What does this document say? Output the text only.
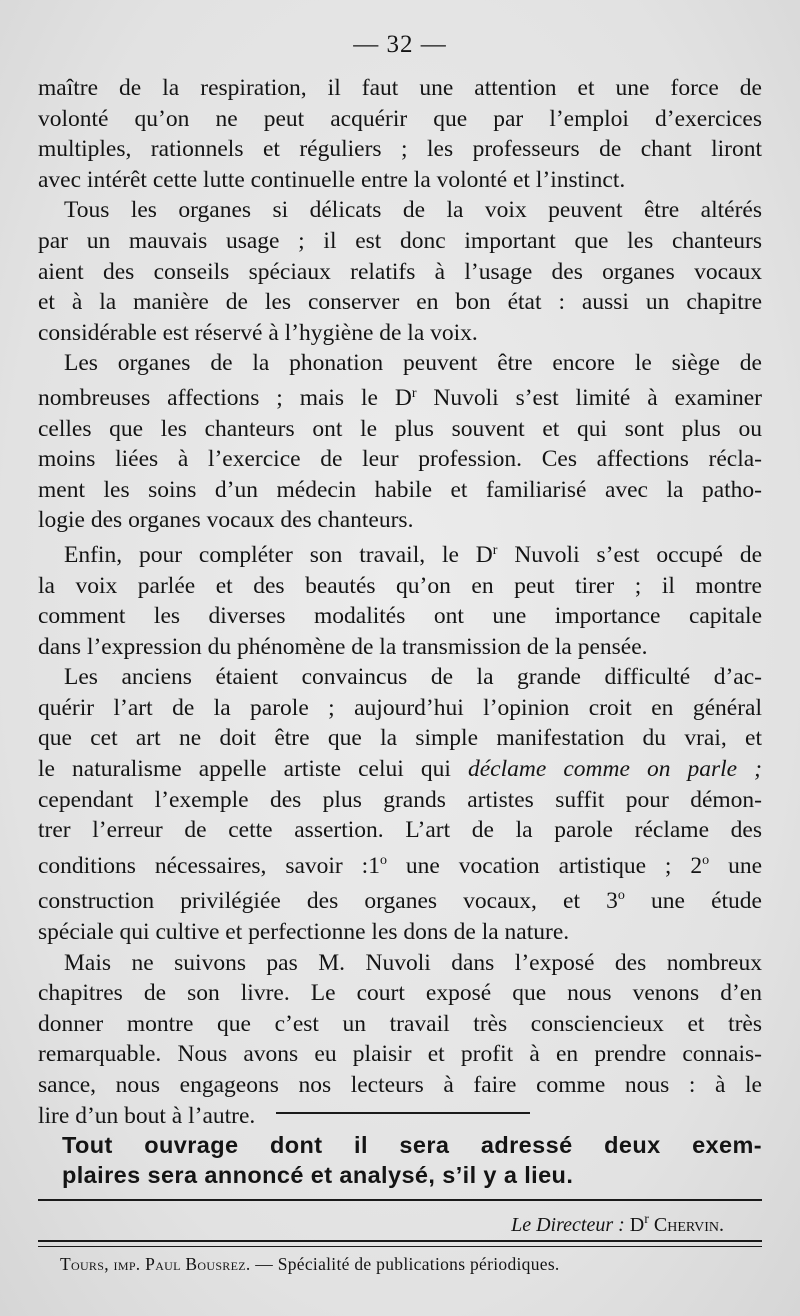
— 32 —
maître de la respiration, il faut une attention et une force de
volonté qu’on ne peut acquérir que par l’emploi d’exercices
multiples, rationnels et réguliers ; les professeurs de chant liront
avec intérêt cette lutte continuelle entre la volonté et l’instinct.
Tous les organes si délicats de la voix peuvent être altérés
par un mauvais usage ; il est donc important que les chanteurs
aient des conseils spéciaux relatifs à l’usage des organes vocaux
et à la manière de les conserver en bon état : aussi un chapitre
considérable est réservé à l’hygiène de la voix.
Les organes de la phonation peuvent être encore le siège de
nombreuses affections ; mais le $D^r$ Nuvoli s’est limité à examiner
celles que les chanteurs ont le plus souvent et qui sont plus ou
moins liées à l’exercice de leur profession. Ces affections récla-
ment les soins d’un médecin habile et familiarisé avec la patho-
logie des organes vocaux des chanteurs.
Enfin, pour compléter son travail, le $D^r$ Nuvoli s’est occupé de
la voix parlée et des beautés qu’on en peut tirer ; il montre
comment les diverses modalités ont une importance capitale
dans l’expression du phénomène de la transmission de la pensée.
Les anciens étaient convaincus de la grande difficulté d’ac-
quérir l’art de la parole ; aujourd’hui l’opinion croit en général
que cet art ne doit être que la simple manifestation du vrai, et
le naturalisme appelle artiste celui qui déclame comme on parle ;
cependant l’exemple des plus grands artistes suffit pour démon-
trer l’erreur de cette assertion. L’art de la parole réclame des
conditions nécessaires, savoir :1$^o$ une vocation artistique ; 2$^o$ une
construction privilégiée des organes vocaux, et 3$^o$ une étude
spéciale qui cultive et perfectionne les dons de la nature.
Mais ne suivons pas M. Nuvoli dans l’exposé des nombreux
chapitres de son livre. Le court exposé que nous venons d’en
donner montre que c’est un travail très consciencieux et très
remarquable. Nous avons eu plaisir et profit à en prendre connais-
sance, nous engageons nos lecteurs à faire comme nous : à le
lire d’un bout à l’autre.
Tout ouvrage dont il sera adressé deux exem-
plaires sera annoncé et analysé, s’il y a lieu.
Le Directeur : $D^r$ Chervin.
Tours, imp. Paul Bousrez. — Spécialité de publications périodiques.
